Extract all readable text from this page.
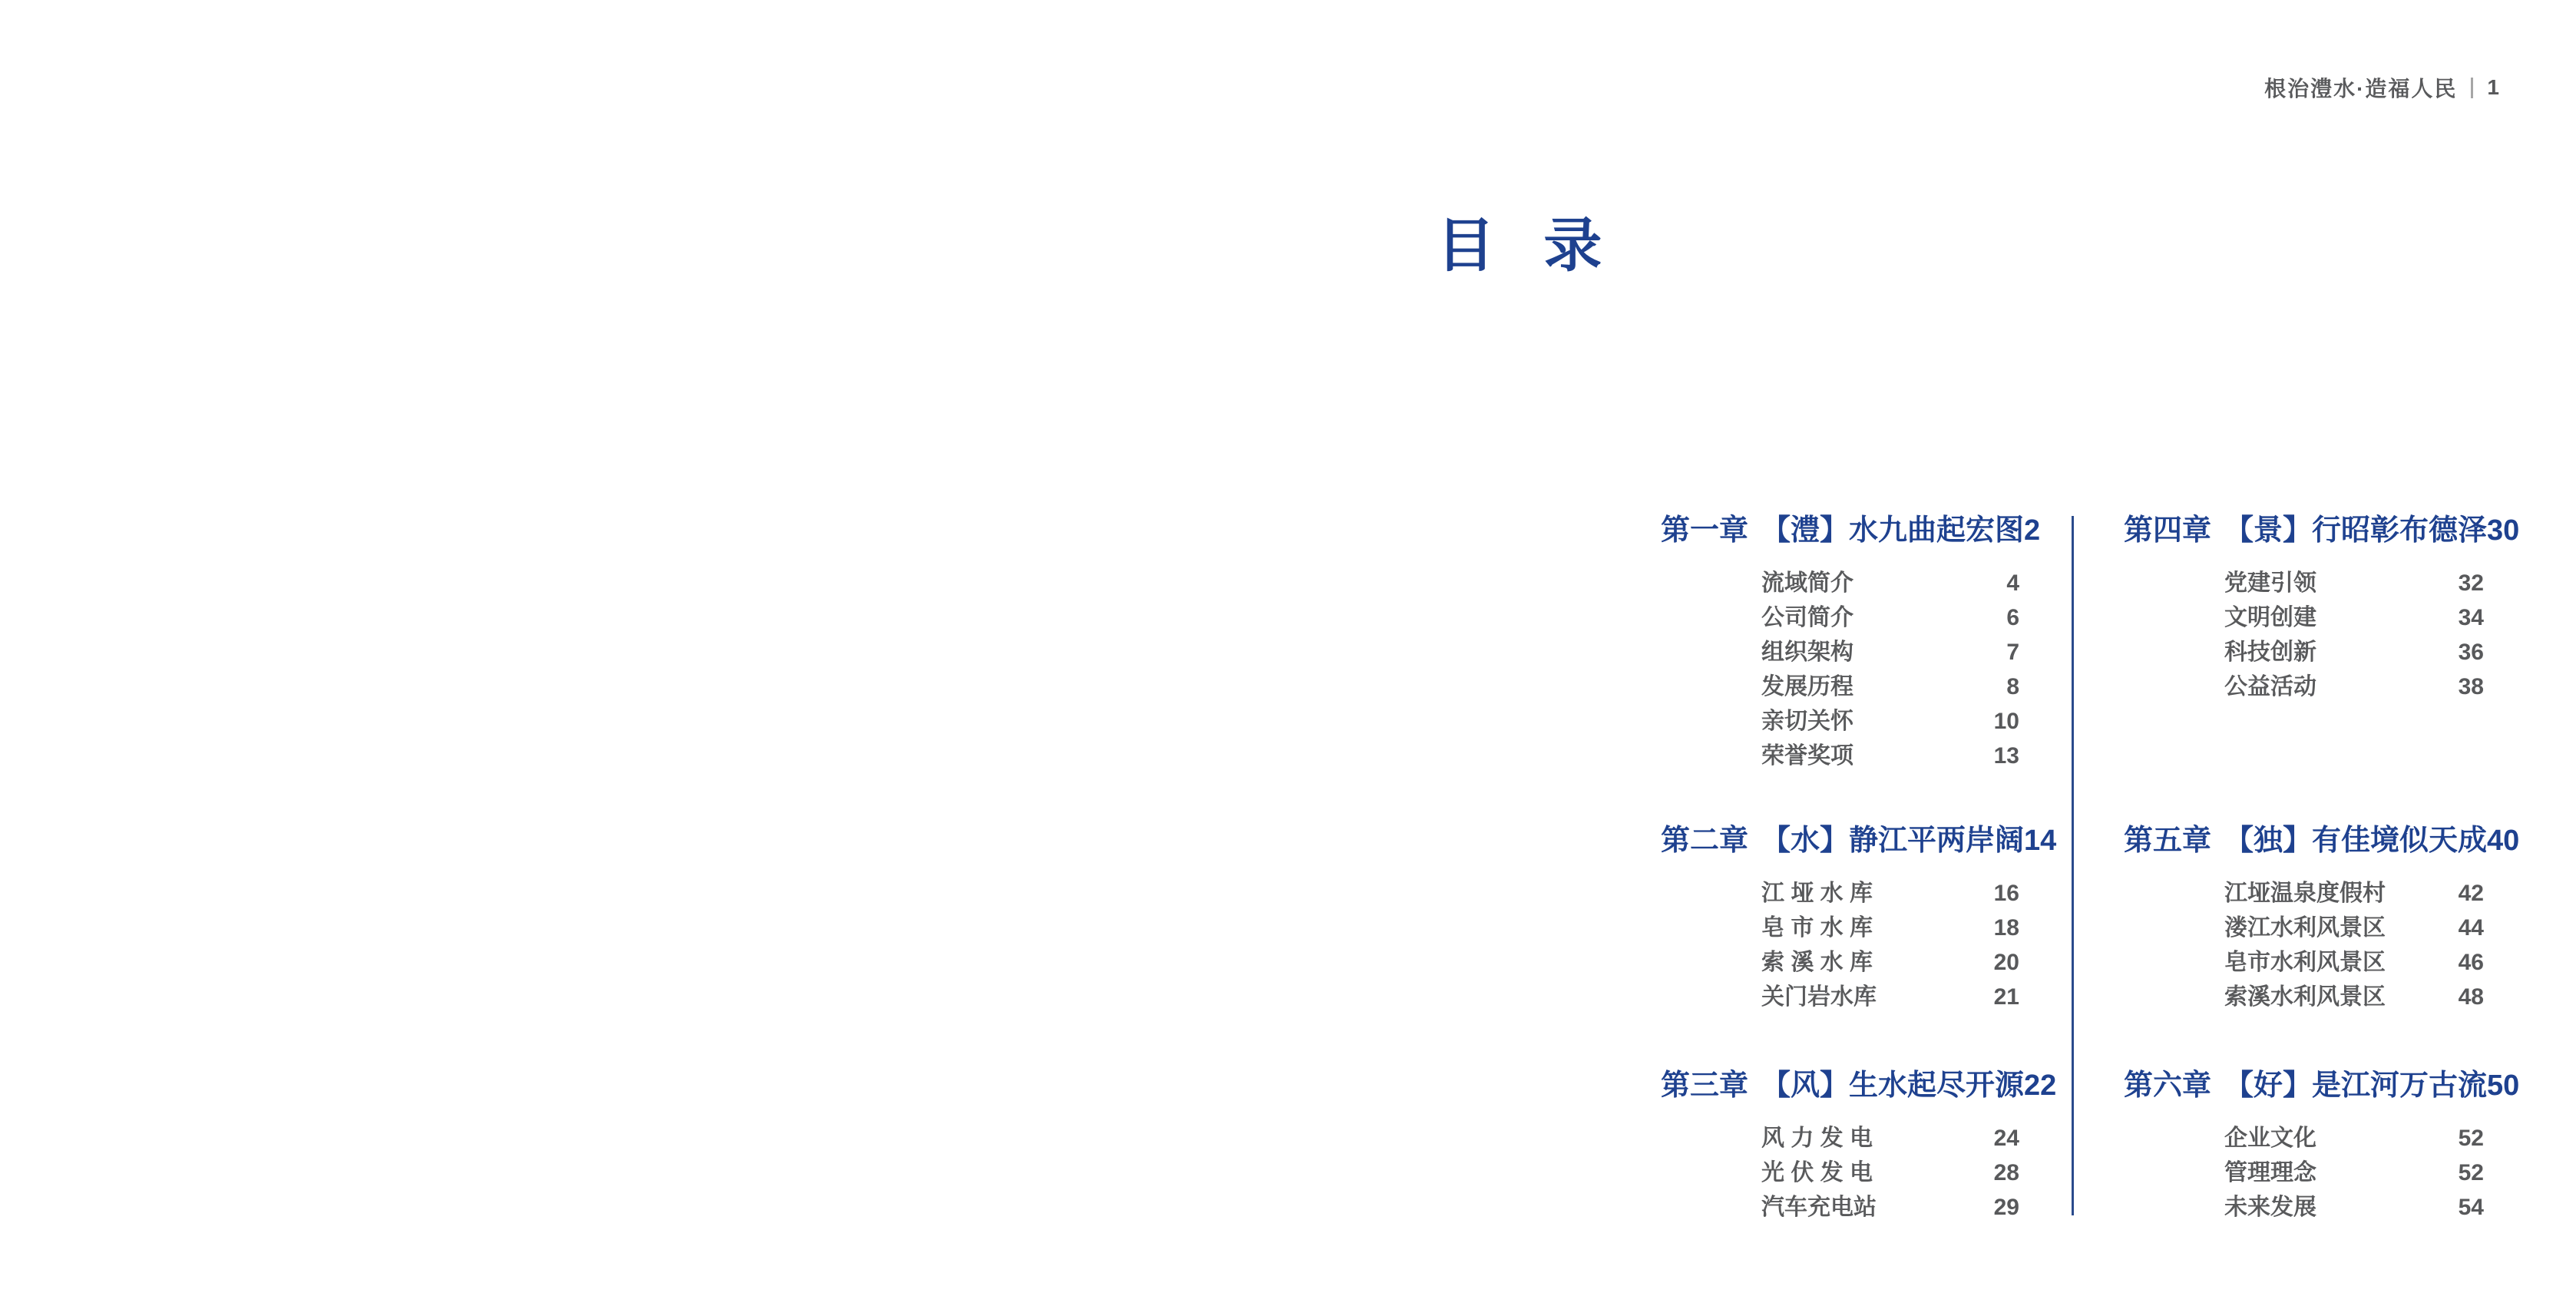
根治澧水·造福人民 1
目   录
第一章 【澧】水九曲起宏图 2
流域简介	4
公司简介	6
组织架构	7
发展历程	8
亲切关怀	10
荣誉奖项	13
第二章 【水】静江平两岸阔 14
江 垭 水 库	16
皂 市 水 库	18
索 溪 水 库	20
关门岩水库	21
第三章 【风】生水起尽开源 22
风 力 发 电	24
光 伏 发 电	28
汽车充电站	29
第四章 【景】行昭彰布德泽 30
党建引领	32
文明创建	34
科技创新	36
公益活动	38
第五章 【独】有佳境似天成 40
江垭温泉度假村	42
溇江水利风景区	44
皂市水利风景区	46
索溪水利风景区	48
第六章 【好】是江河万古流 50
企业文化	52
管理理念	52
未来发展	54
